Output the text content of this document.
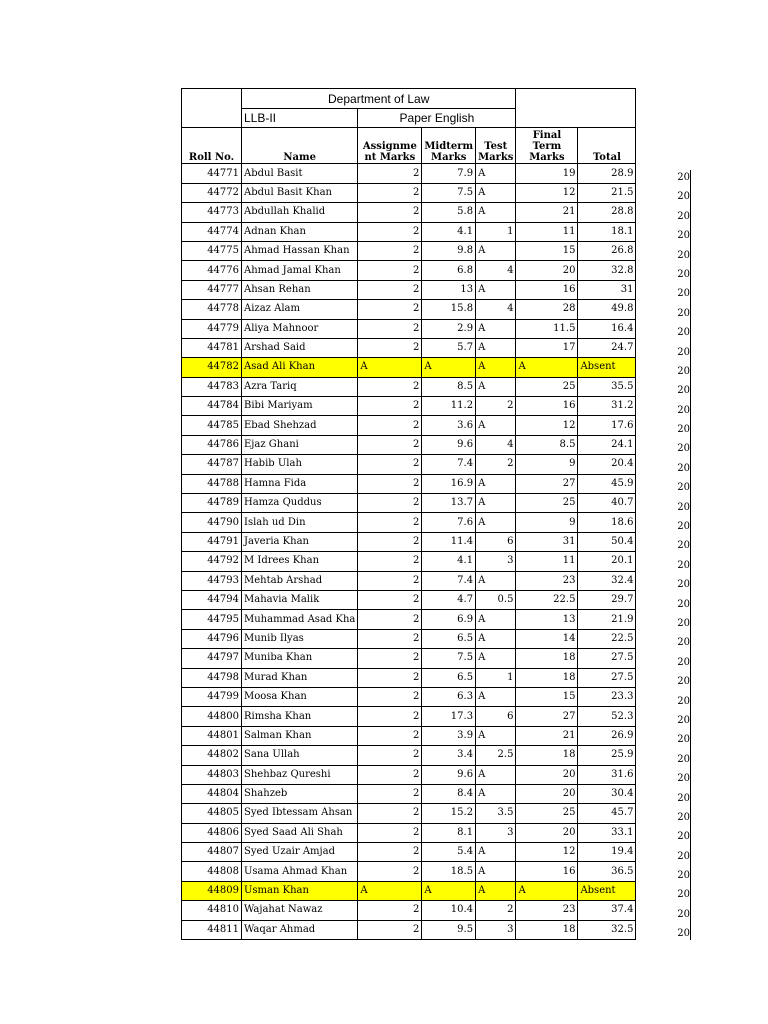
	Department of Law					
	LLB-II	Paper English				
Roll No.	Name	Assignme nt Marks	Midterm Marks	Test Marks	Final Term Marks	Total
44771	Abdul Basit	2	7.9	A	19	28.9
44772	Abdul Basit Khan	2	7.5	A	12	21.5
44773	Abdullah Khalid	2	5.8	A	21	28.8
44774	Adnan Khan	2	4.1	1	11	18.1
44775	Ahmad Hassan Khan	2	9.8	A	15	26.8
44776	Ahmad Jamal Khan	2	6.8	4	20	32.8
44777	Ahsan Rehan	2	13	A	16	31
44778	Aizaz Alam	2	15.8	4	28	49.8
44779	Aliya Mahnoor	2	2.9	A	11.5	16.4
44781	Arshad Said	2	5.7	A	17	24.7
44782	Asad Ali Khan	A	A	A	A	Absent
44783	Azra Tariq	2	8.5	A	25	35.5
44784	Bibi Mariyam	2	11.2	2	16	31.2
44785	Ebad Shehzad	2	3.6	A	12	17.6
44786	Ejaz Ghani	2	9.6	4	8.5	24.1
44787	Habib Ulah	2	7.4	2	9	20.4
44788	Hamna Fida	2	16.9	A	27	45.9
44789	Hamza Quddus	2	13.7	A	25	40.7
44790	Islah ud Din	2	7.6	A	9	18.6
44791	Javeria Khan	2	11.4	6	31	50.4
44792	M Idrees Khan	2	4.1	3	11	20.1
44793	Mehtab Arshad	2	7.4	A	23	32.4
44794	Mahavia Malik	2	4.7	0.5	22.5	29.7
44795	Muhammad Asad Kha	2	6.9	A	13	21.9
44796	Munib Ilyas	2	6.5	A	14	22.5
44797	Muniba Khan	2	7.5	A	18	27.5
44798	Murad Khan	2	6.5	1	18	27.5
44799	Moosa Khan	2	6.3	A	15	23.3
44800	Rimsha Khan	2	17.3	6	27	52.3
44801	Salman Khan	2	3.9	A	21	26.9
44802	Sana Ullah	2	3.4	2.5	18	25.9
44803	Shehbaz Qureshi	2	9.6	A	20	31.6
44804	Shahzeb	2	8.4	A	20	30.4
44805	Syed Ibtessam Ahsan	2	15.2	3.5	25	45.7
44806	Syed Saad Ali Shah	2	8.1	3	20	33.1
44807	Syed Uzair Amjad	2	5.4	A	12	19.4
44808	Usama Ahmad Khan	2	18.5	A	16	36.5
44809	Usman Khan	A	A	A	A	Absent
44810	Wajahat Nawaz	2	10.4	2	23	37.4
44811	Waqar Ahmad	2	9.5	3	18	32.5
20
20
20
20
20
20
20
20
20
20
20
20
20
20
20
20
20
20
20
20
20
20
20
20
20
20
20
20
20
20
20
20
20
20
20
20
20
20
20
20
